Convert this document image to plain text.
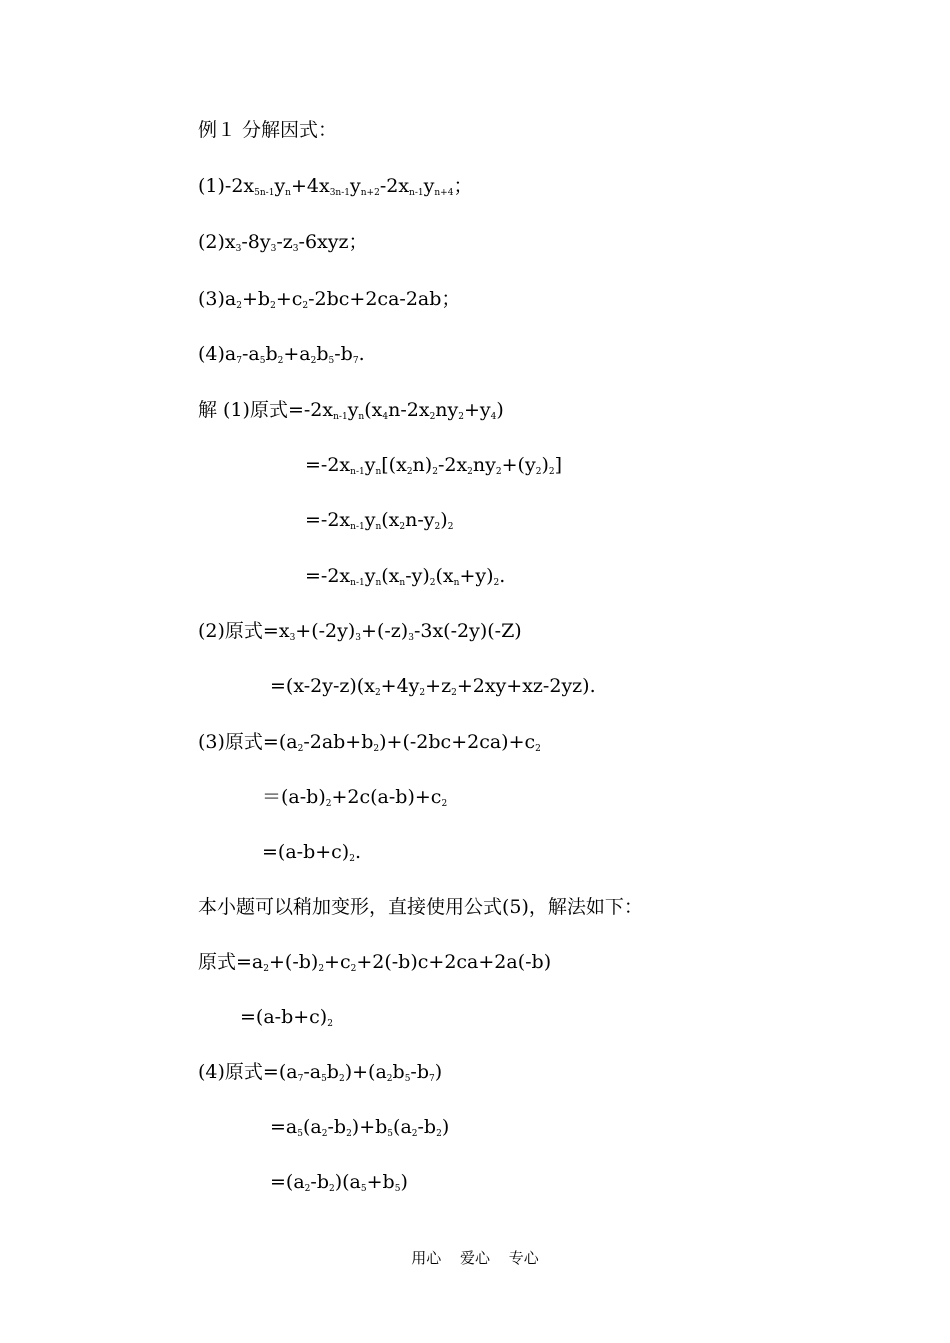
例１ 分解因式：
(1)-2x 5n-1 y n +4x 3n-1 y n+2 -2x n-1 y n+4 ；
(2)x 3 -8y 3 -z 3 -6xyz；
(3)a 2 +b 2 +c 2 -2bc+2ca-2ab；
(4)a 7 -a 5 b 2 +a 2 b 5 -b 7 .
解 (1)原式=-2x n-1 y n (x 4 n-2x 2 ny 2 +y 4 )
=-2x n-1 y n [(x 2 n) 2 -2x 2 ny 2 +(y 2 ) 2 ]
=-2x n-1 y n (x 2 n-y 2 ) 2
=-2x n-1 y n (x n -y) 2 (x n +y) 2 .
(2)原式=x 3 +(-2y) 3 +(-z) 3 -3x(-2y)(-Z)
=(x-2y-z)(x 2 +4y 2 +z 2 +2xy+xz-2yz).
(3)原式=(a 2 -2ab+b 2 )+(-2bc+2ca)+c 2
＝(a-b) 2 +2c(a-b)+c 2
=(a-b+c) 2 .
本小题可以稍加变形，直接使用公式(5)，解法如下：
原式=a 2 +(-b) 2 +c 2 +2(-b)c+2ca+2a(-b)
=(a-b+c) 2
(4)原式=(a 7 -a 5 b 2 )+(a 2 b 5 -b 7 )
=a 5 (a 2 -b 2 )+b 5 (a 2 -b 2 )
=(a 2 -b 2 )(a 5 +b 5 )
用心 爱心 专心
